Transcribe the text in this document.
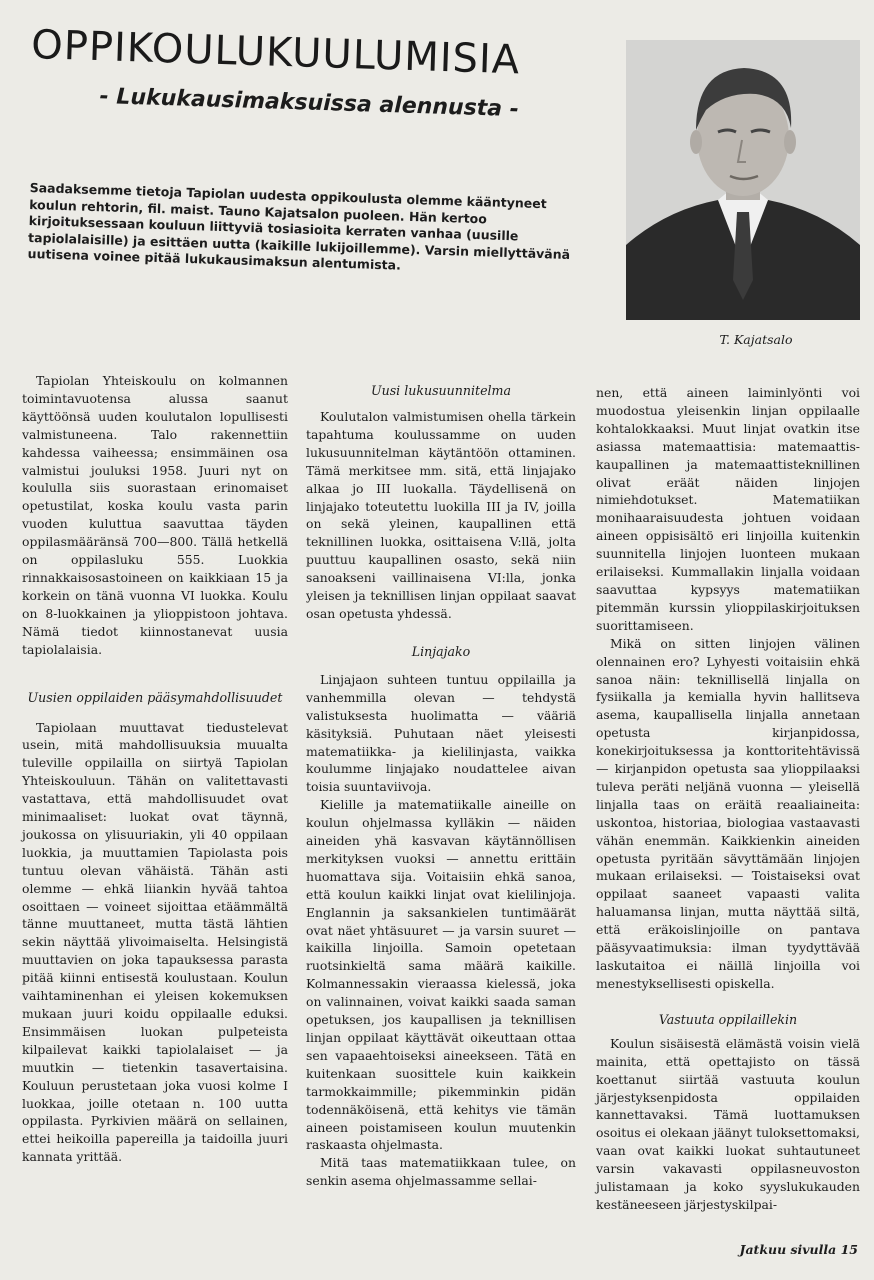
OPPIKOULUKUULUMISIA
- Lukukausimaksuissa alennusta -
Saadaksemme tietoja Tapiolan uudesta oppikoulusta olemme kääntyneet koulun rehtorin, fil. maist. Tauno Kajatsalon puoleen. Hän kertoo kirjoituksessaan kouluun liittyviä tosiasioita kerraten vanhaa (uusille tapiolalaisille) ja esittäen uutta (kaikille lukijoillemme). Varsin miellyttävänä uutisena voinee pitää lukukausimaksun alentumista.
T. Kajatsalo

Tapiolan Yhteiskoulu on kolmannen toimintavuotensa alussa saanut käyttöönsä uuden koulutalon lopullisesti valmistuneena. Talo rakennettiin kahdessa vaiheessa; ensimmäinen osa valmistui jouluksi 1958. Juuri nyt on koululla siis suorastaan erinomaiset opetustilat, koska koulu vasta parin vuoden kuluttua saavuttaa täyden oppilasmääränsä 700—800. Tällä hetkellä on oppilasluku 555. Luokkia rinnakkaisosastoineen on kaikkiaan 15 ja korkein on tänä vuonna VI luokka. Koulu on 8-luokkainen ja ylioppistoon johtava. Nämä tiedot kiinnostanevat uusia tapiolalaisia.

Uusien oppilaiden pääsymahdollisuudet

Tapiolaan muuttavat tiedustelevat usein, mitä mahdollisuuksia muualta tuleville oppilailla on siirtyä Tapiolan Yhteiskouluun. Tähän on valitettavasti vastattava, että mahdollisuudet ovat minimaaliset: luokat ovat täynnä, joukossa on ylisuuriakin, yli 40 oppilaan luokkia, ja muuttamien Tapiolasta pois tuntuu olevan vähäistä. Tähän asti olemme — ehkä liiankin hyvää tahtoa osoittaen — voineet sijoittaa etäämmältä tänne muuttaneet, mutta tästä lähtien sekin näyttää ylivoimaiselta. Helsingistä muuttavien on joka tapauksessa parasta pitää kiinni entisestä koulustaan. Koulun vaihtaminenhan ei yleisen kokemuksen mukaan juuri koidu oppilaalle eduksi. Ensimmäisen luokan pulpeteista kilpailevat kaikki tapiolalaiset — ja muutkin — tietenkin tasavertaisina. Kouluun perustetaan joka vuosi kolme I luokkaa, joille otetaan n. 100 uutta oppilasta. Pyrkivien määrä on sellainen, ettei heikoilla papereilla ja taidoilla juuri kannata yrittää.

Uusi lukusuunnitelma

Koulutalon valmistumisen ohella tärkein tapahtuma koulussamme on uuden lukusuunnitelman käytäntöön ottaminen. Tämä merkitsee mm. sitä, että linjajako alkaa jo III luokalla. Täydellisenä on linjajako toteutettu luokilla III ja IV, joilla on sekä yleinen, kaupallinen että teknillinen luokka, osittaisena V:llä, jolta puuttuu kaupallinen osasto, sekä niin sanoakseni vaillinaisena VI:lla, jonka yleisen ja teknillisen linjan oppilaat saavat osan opetusta yhdessä.

Linjajako

Linjajaon suhteen tuntuu oppilailla ja vanhemmilla olevan — tehdystä valistuksesta huolimatta — vääriä käsityksiä. Puhutaan näet yleisesti matematiikka- ja kielilinjasta, vaikka koulumme linjajako noudattelee aivan toisia suuntaviivoja.

Kielille ja matematiikalle aineille on koulun ohjelmassa kylläkin — näiden aineiden yhä kasvavan käytännöllisen merkityksen vuoksi — annettu erittäin huomattava sija. Voitaisiin ehkä sanoa, että koulun kaikki linjat ovat kielilinjoja. Englannin ja saksankielen tuntimäärät ovat näet yhtäsuuret — ja varsin suuret — kaikilla linjoilla. Samoin opetetaan ruotsinkieltä sama määrä kaikille. Kolmannessakin vieraassa kielessä, joka on valinnainen, voivat kaikki saada saman opetuksen, jos kaupallisen ja teknillisen linjan oppilaat käyttävät oikeuttaan ottaa sen vapaaehtoiseksi aineekseen. Tätä en kuitenkaan suosittele kuin kaikkein tarmokkaimmille; pikemminkin pidän todennäköisenä, että kehitys vie tämän aineen poistamiseen koulun muutenkin raskaasta ohjelmasta.

Mitä taas matematiikkaan tulee, on senkin asema ohjelmassamme sellai-

nen, että aineen laiminlyönti voi muodostua yleisenkin linjan oppilaalle kohtalokkaaksi. Muut linjat ovatkin itse asiassa matemaattisia: matemaattis-kaupallinen ja matemaattisteknillinen olivat eräät näiden linjojen nimiehdotukset. Matematiikan monihaaraisuudesta johtuen voidaan aineen oppisisältö eri linjoilla kuitenkin suunnitella linjojen luonteen mukaan erilaiseksi. Kummallakin linjalla voidaan saavuttaa kypsyys matematiikan pitemmän kurssin ylioppilaskirjoituksen suorittamiseen.

Mikä on sitten linjojen välinen olennainen ero? Lyhyesti voitaisiin ehkä sanoa näin: teknillisellä linjalla on fysiikalla ja kemialla hyvin hallitseva asema, kaupallisella linjalla annetaan opetusta kirjanpidossa, konekirjoituksessa ja konttoritehtävissä — kirjanpidon opetusta saa ylioppilaaksi tuleva peräti neljänä vuonna — yleisellä linjalla taas on eräitä reaaliaineita: uskontoa, historiaa, biologiaa vastaavasti vähän enemmän. Kaikkienkin aineiden opetusta pyritään sävyttämään linjojen mukaan erilaiseksi. — Toistaiseksi ovat oppilaat saaneet vapaasti valita haluamansa linjan, mutta näyttää siltä, että eräkoislinjoille on pantava pääsyvaatimuksia: ilman tyydyttävää laskutaitoa ei näillä linjoilla voi menestyksellisesti opiskella.

Vastuuta oppilaillekin

Koulun sisäisestä elämästä voisin vielä mainita, että opettajisto on tässä koettanut siirtää vastuuta koulun järjestyksenpidosta oppilaiden kannettavaksi. Tämä luottamuksen osoitus ei olekaan jäänyt tuloksettomaksi, vaan ovat kaikki luokat suhtautuneet varsin vakavasti oppilasneuvoston julistamaan ja koko syyslukukauden kestäneeseen järjestyskilpai-

Jatkuu sivulla 15
